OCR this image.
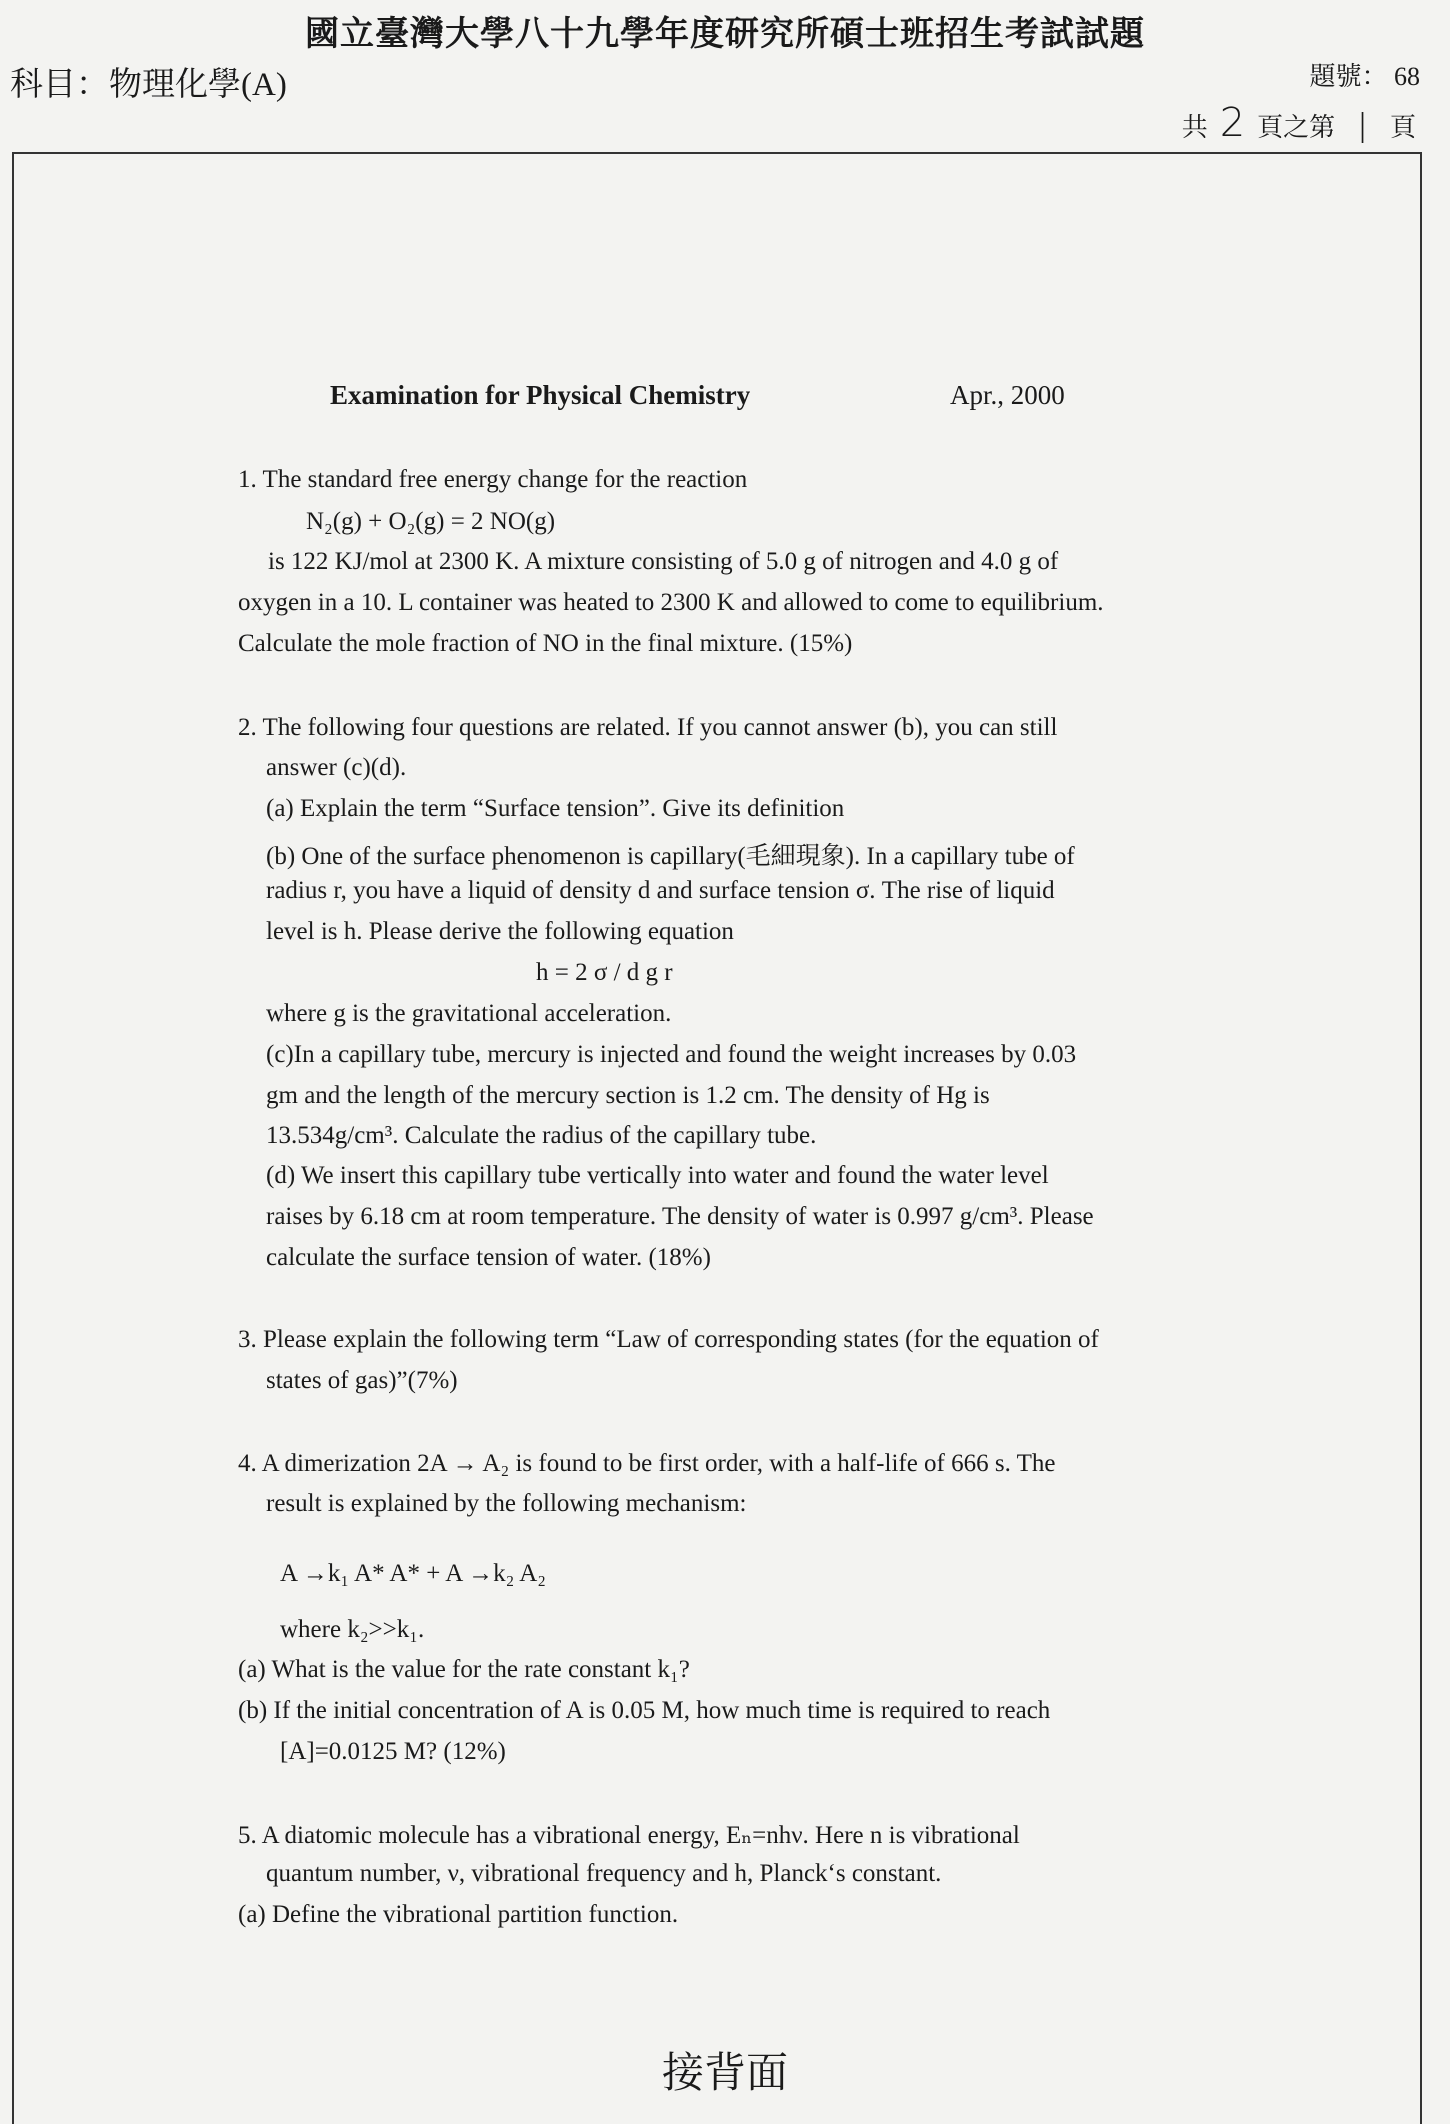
國立臺灣大學八十九學年度研究所碩士班招生考試試題
科目：物理化學(A)	題號： 68
共 2 頁之第 | 頁
Examination for Physical Chemistry	Apr., 2000
1. The standard free energy change for the reaction
N₂(g) + O₂(g) = 2 NO(g)
is 122 KJ/mol at 2300 K. A mixture consisting of 5.0 g of nitrogen and 4.0 g of
oxygen in a 10. L container was heated to 2300 K and allowed to come to equilibrium.
Calculate the mole fraction of NO in the final mixture. (15%)
2. The following four questions are related. If you cannot answer (b), you can still
answer (c)(d).
(a) Explain the term “Surface tension”. Give its definition
(b) One of the surface phenomenon is capillary(毛細現象). In a capillary tube of
radius r, you have a liquid of density d and surface tension σ. The rise of liquid
level is h. Please derive the following equation
h = 2 σ / d g r
where g is the gravitational acceleration.
(c)In a capillary tube, mercury is injected and found the weight increases by 0.03
gm and the length of the mercury section is 1.2 cm. The density of Hg is
13.534g/cm³. Calculate the radius of the capillary tube.
(d) We insert this capillary tube vertically into water and found the water level
raises by 6.18 cm at room temperature. The density of water is 0.997 g/cm³. Please
calculate the surface tension of water. (18%)
3. Please explain the following term “Law of corresponding states (for the equation of
states of gas)”(7%)
4. A dimerization 2A → A₂ is found to be first order, with a half-life of 666 s. The
result is explained by the following mechanism:
A →k₁ A* A* + A →k₂ A₂
where k₂>>k₁.
(a) What is the value for the rate constant k₁?
(b) If the initial concentration of A is 0.05 M, how much time is required to reach
[A]=0.0125 M? (12%)
5. A diatomic molecule has a vibrational energy, Eₙ=nhν. Here n is vibrational
quantum number, ν, vibrational frequency and h, Planck‘s constant.
(a) Define the vibrational partition function.
接背面
